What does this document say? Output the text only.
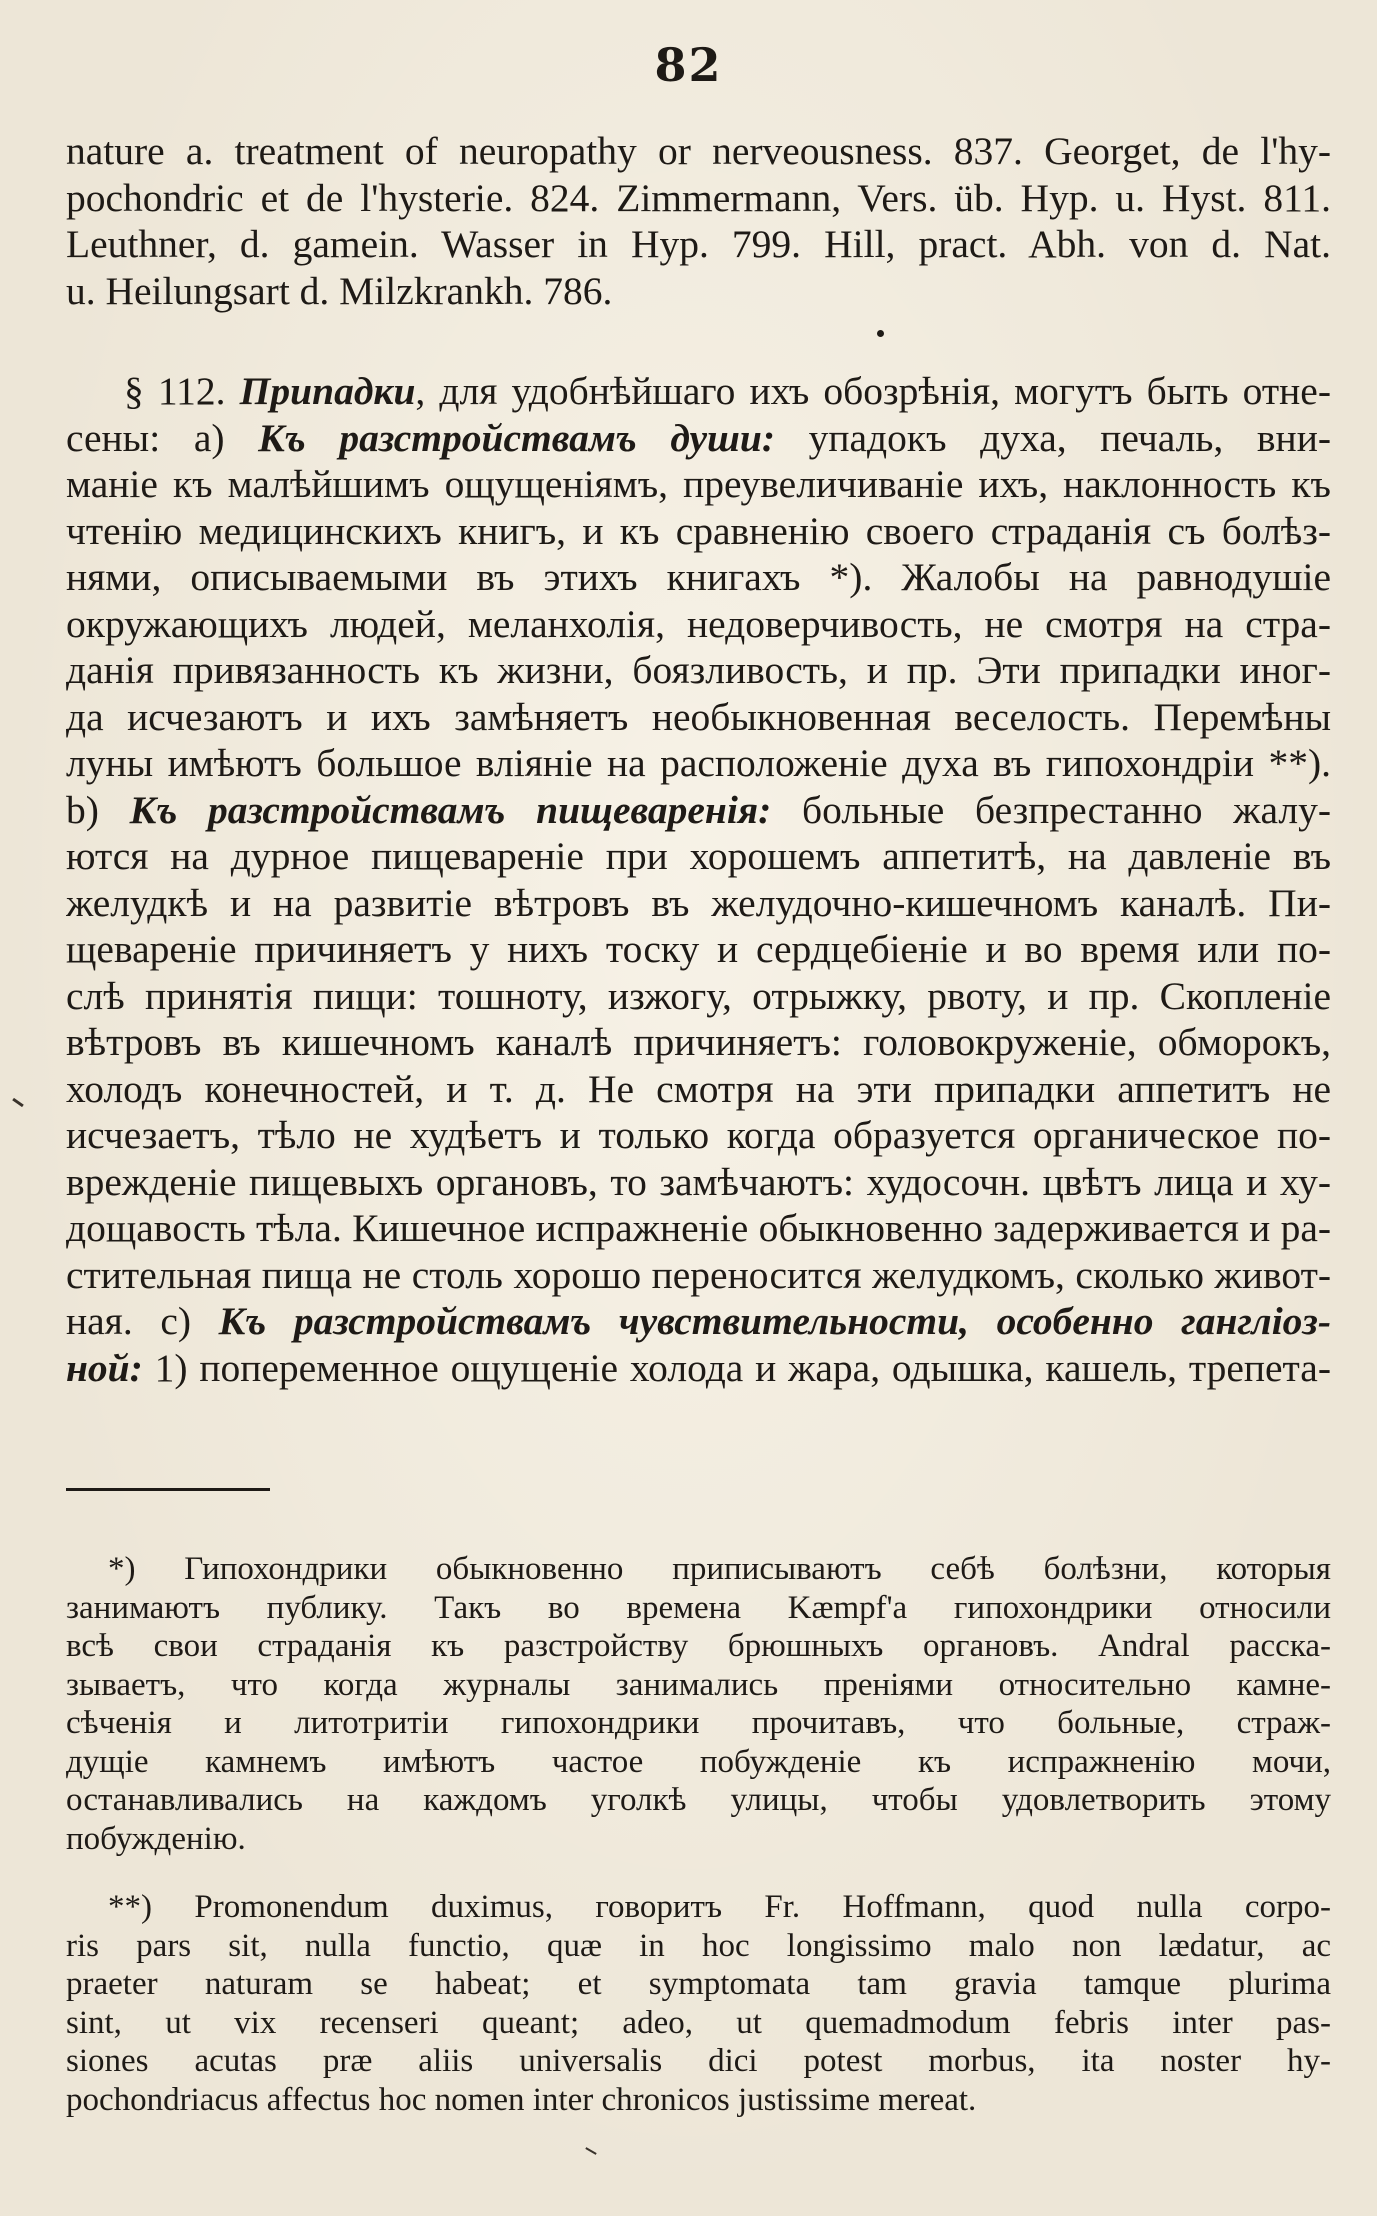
82
nature a. treatment of neuropathy or nerveousness. 837. Georget, de l'hy-
pochondric et de l'hysterie. 824. Zimmermann, Vers. üb. Hyp. u. Hyst. 811.
Leuthner, d. gamein. Wasser in Hyp. 799. Hill, pract. Abh. von d. Nat.
u. Heilungsart d. Milzkrankh. 786.
§ 112. Припадки, для удобнѣйшаго ихъ обозрѣнія, могутъ быть отне-
сены: а) Къ разстройствамъ души: упадокъ духа, печаль, вни-
маніе къ малѣйшимъ ощущеніямъ, преувеличиваніе ихъ, наклонность къ
чтенію медицинскихъ книгъ, и къ сравненію своего страданія съ болѣз-
нями, описываемыми въ этихъ книгахъ *). Жалобы на равнодушіе
окружающихъ людей, меланхолія, недоверчивость, не смотря на стра-
данія привязанность къ жизни, боязливость, и пр. Эти припадки иног-
да исчезаютъ и ихъ замѣняетъ необыкновенная веселость. Перемѣны
луны имѣютъ большое вліяніе на расположеніе духа въ гипохондріи **).
b) Къ разстройствамъ пищеваренія: больные безпрестанно жалу-
ются на дурное пищевареніе при хорошемъ аппетитѣ, на давленіе въ
желудкѣ и на развитіе вѣтровъ въ желудочно-кишечномъ каналѣ. Пи-
щевареніе причиняетъ у нихъ тоску и сердцебіеніе и во время или по-
слѣ принятія пищи: тошноту, изжогу, отрыжку, рвоту, и пр. Скопленіе
вѣтровъ въ кишечномъ каналѣ причиняетъ: головокруженіе, обморокъ,
холодъ конечностей, и т. д. Не смотря на эти припадки аппетитъ не
исчезаетъ, тѣло не худѣетъ и только когда образуется органическое по-
врежденіе пищевыхъ органовъ, то замѣчаютъ: худосочн. цвѣтъ лица и ху-
дощавость тѣла. Кишечное испражненіе обыкновенно задерживается и ра-
стительная пища не столь хорошо переносится желудкомъ, сколько живот-
ная. с) Къ разстройствамъ чувствительности, особенно ганглioз-
ной: 1) попеременное ощущеніе холода и жара, одышка, кашель, трепета-
*) Гипохондрики обыкновенно приписываютъ себѣ болѣзни, которыя
занимаютъ публику. Такъ во времена Kæmpf'а гипохондрики относили
всѣ свои страданія къ разстройству брюшныхъ органовъ. Andral расска-
зываетъ, что когда журналы занимались преніями относительно камне-
сѣченія и литотритіи гипохондрики прочитавъ, что больные, страж-
дущіе камнемъ имѣютъ частое побужденіе къ испражненію мочи,
останавливались на каждомъ уголкѣ улицы, чтобы удовлетворить этому
побужденію.
**) Promonendum duximus, говоритъ Fr. Hoffmann, quod nulla corpo-
ris pars sit, nulla functio, quæ in hoc longissimo malo non lædatur, ac
praeter naturam se habeat; et symptomata tam gravia tamque plurima
sint, ut vix recenseri queant; adeo, ut quemadmodum febris inter pas-
siones acutas præ aliis universalis dici potest morbus, ita noster hy-
pochondriacus affectus hoc nomen inter chronicos justissime mereat.
